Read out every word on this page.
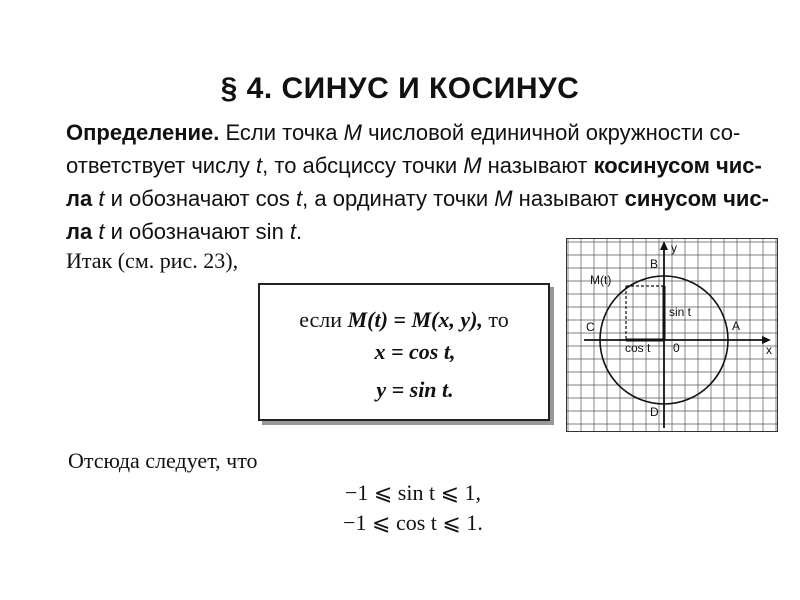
§ 4. СИНУС И КОСИНУС
Определение. Если точка M числовой единичной окружности со-
ответствует числу t, то абсциссу точки M называют косинусом чис-
ла t и обозначают cos t, а ординату точки M называют синусом чис-
ла t и обозначают sin t.
Итак (см. рис. 23),
если M(t) = M(x, y), то
x = cos t,
y = sin t.
Отсюда следует, что
−1 ⩽ sin t ⩽ 1,
−1 ⩽ cos t ⩽ 1.
y
x
A
B
C
D
M(t)
sin t
cos t 0
